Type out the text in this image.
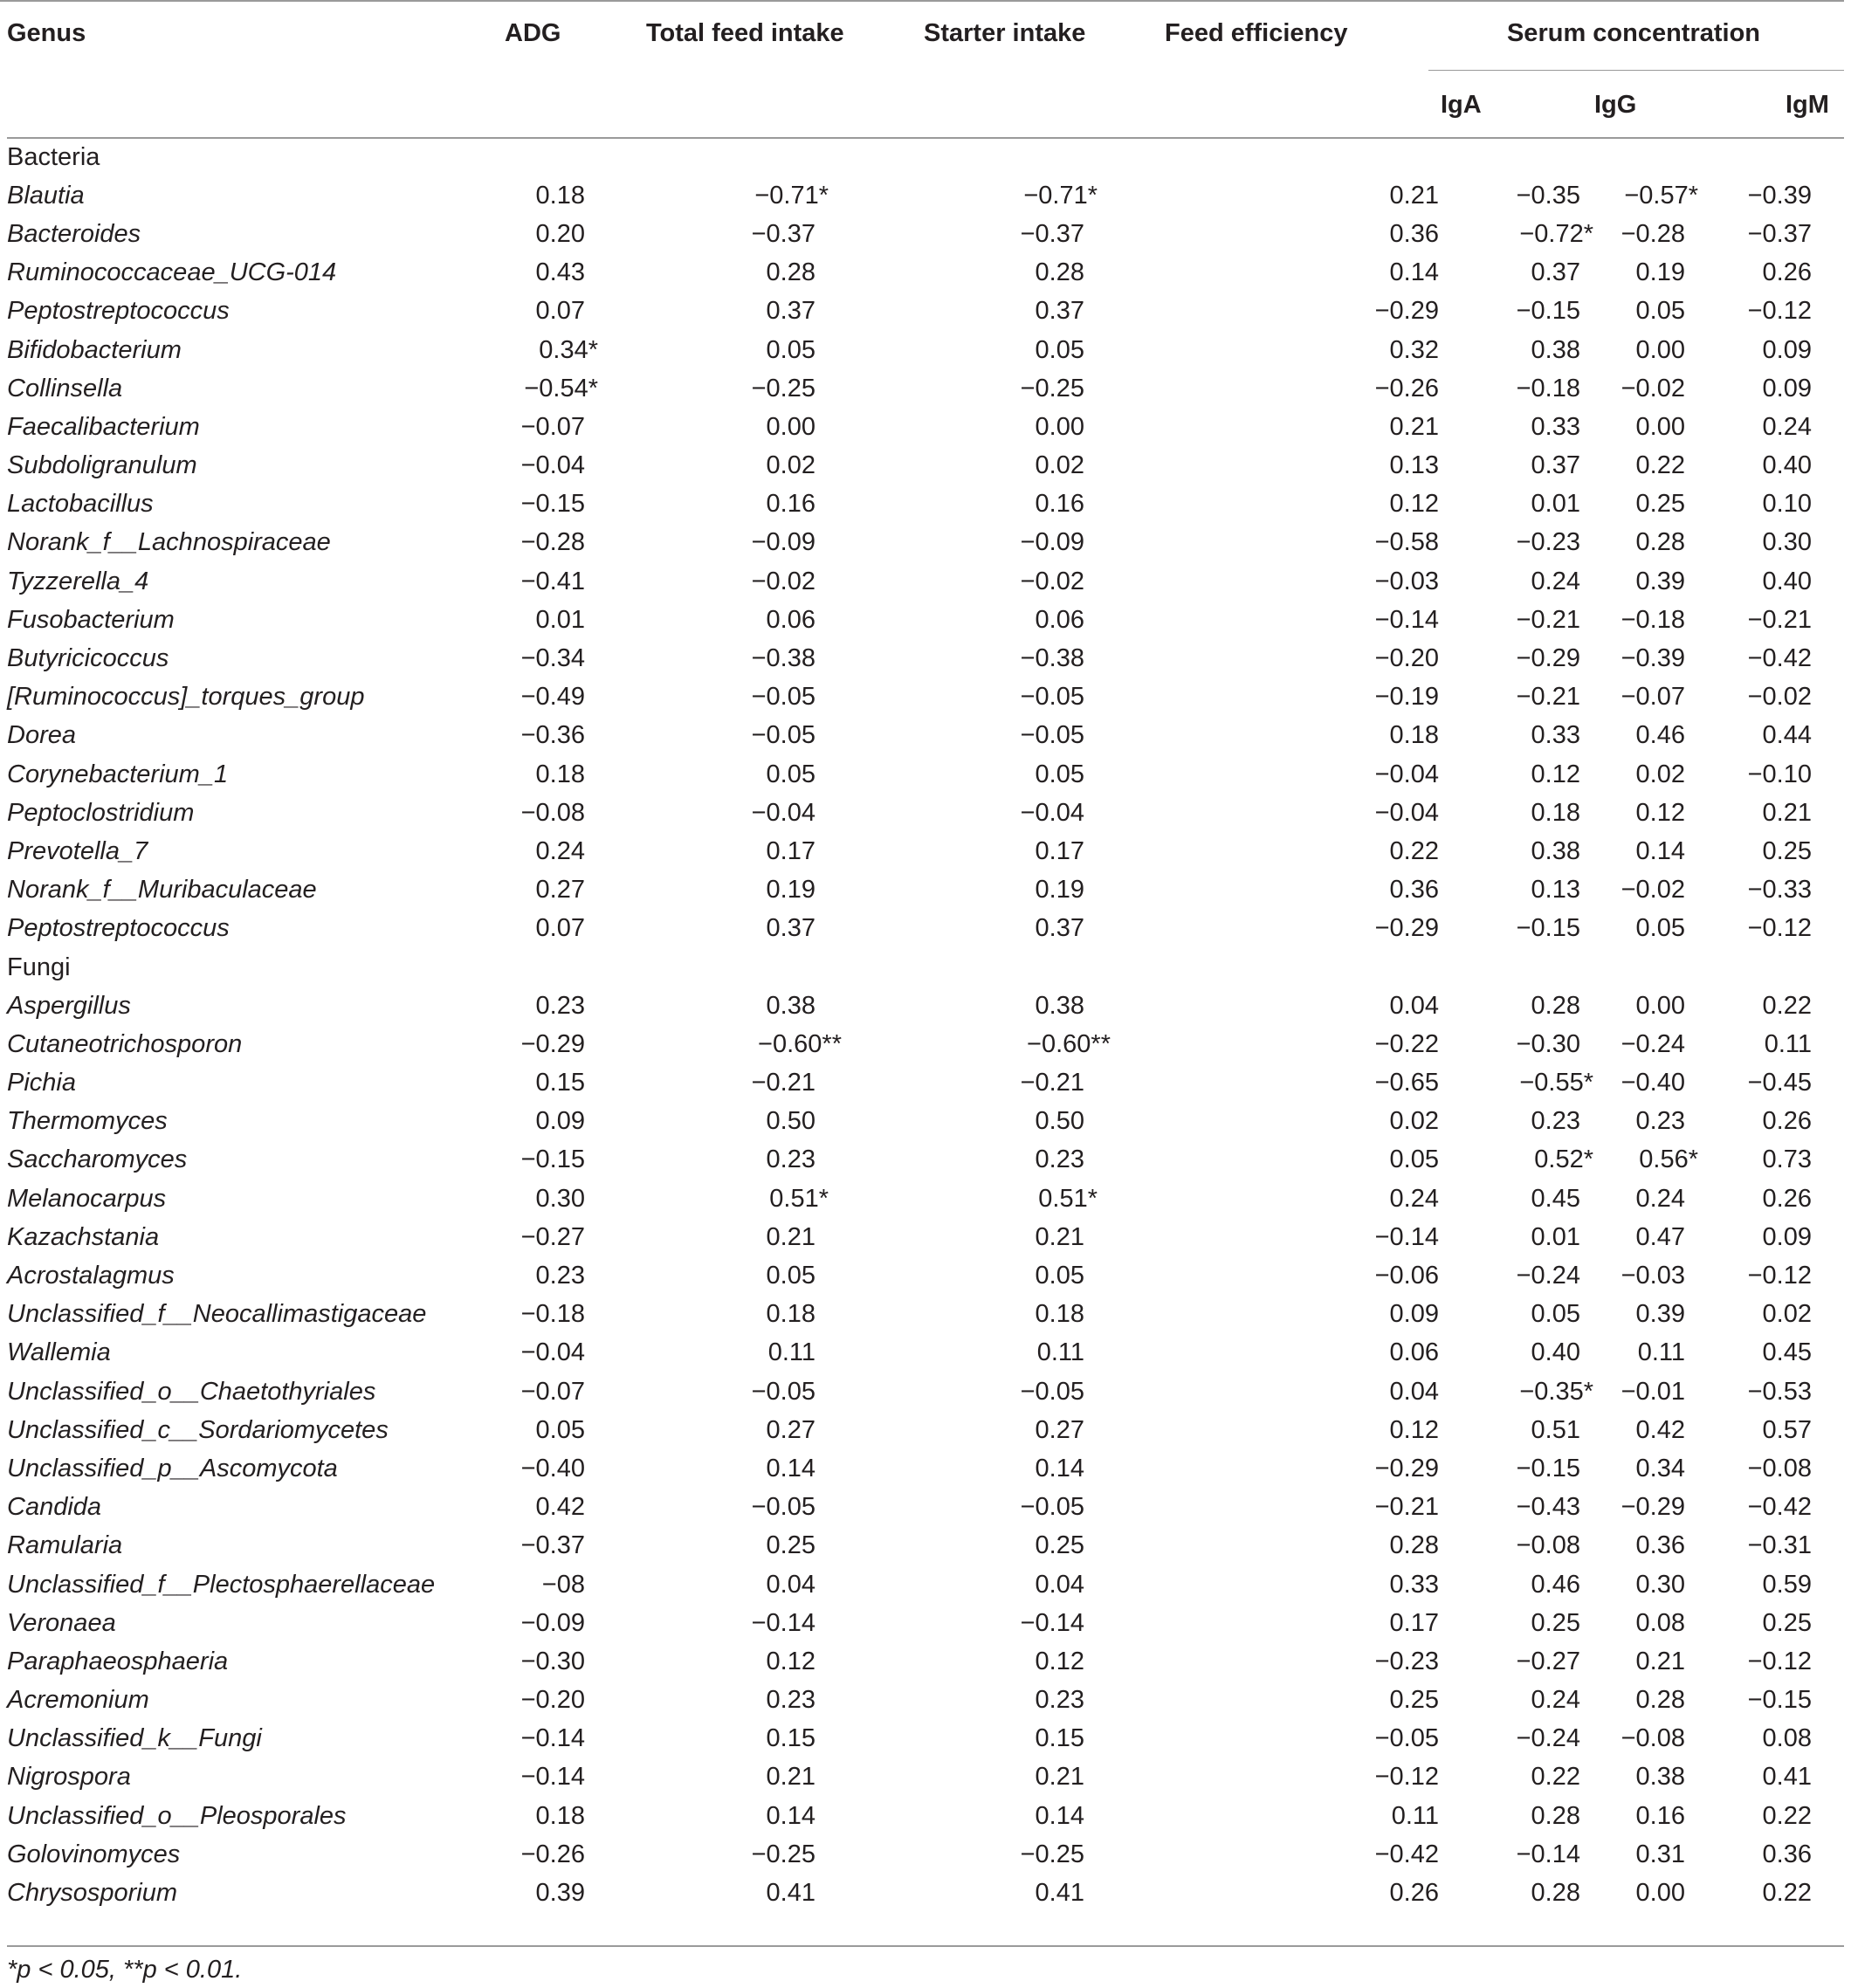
Genus	ADG	Total feed intake	Starter intake	Feed efficiency	Serum concentration		
					IgA	IgG	IgM
Bacteria							
Blautia	0.18	−0.71*	−0.71*	0.21	−0.35	−0.57*	−0.39
Bacteroides	0.20	−0.37	−0.37	0.36	−0.72*	−0.28	−0.37
Ruminococcaceae_UCG-014	0.43	0.28	0.28	0.14	0.37	0.19	0.26
Peptostreptococcus	0.07	0.37	0.37	−0.29	−0.15	0.05	−0.12
Bifidobacterium	0.34*	0.05	0.05	0.32	0.38	0.00	0.09
Collinsella	−0.54*	−0.25	−0.25	−0.26	−0.18	−0.02	0.09
Faecalibacterium	−0.07	0.00	0.00	0.21	0.33	0.00	0.24
Subdoligranulum	−0.04	0.02	0.02	0.13	0.37	0.22	0.40
Lactobacillus	−0.15	0.16	0.16	0.12	0.01	0.25	0.10
Norank_f__Lachnospiraceae	−0.28	−0.09	−0.09	−0.58	−0.23	0.28	0.30
Tyzzerella_4	−0.41	−0.02	−0.02	−0.03	0.24	0.39	0.40
Fusobacterium	0.01	0.06	0.06	−0.14	−0.21	−0.18	−0.21
Butyricicoccus	−0.34	−0.38	−0.38	−0.20	−0.29	−0.39	−0.42
[Ruminococcus]_torques_group	−0.49	−0.05	−0.05	−0.19	−0.21	−0.07	−0.02
Dorea	−0.36	−0.05	−0.05	0.18	0.33	0.46	0.44
Corynebacterium_1	0.18	0.05	0.05	−0.04	0.12	0.02	−0.10
Peptoclostridium	−0.08	−0.04	−0.04	−0.04	0.18	0.12	0.21
Prevotella_7	0.24	0.17	0.17	0.22	0.38	0.14	0.25
Norank_f__Muribaculaceae	0.27	0.19	0.19	0.36	0.13	−0.02	−0.33
Peptostreptococcus	0.07	0.37	0.37	−0.29	−0.15	0.05	−0.12
Fungi							
Aspergillus	0.23	0.38	0.38	0.04	0.28	0.00	0.22
Cutaneotrichosporon	−0.29	−0.60**	−0.60**	−0.22	−0.30	−0.24	0.11
Pichia	0.15	−0.21	−0.21	−0.65	−0.55*	−0.40	−0.45
Thermomyces	0.09	0.50	0.50	0.02	0.23	0.23	0.26
Saccharomyces	−0.15	0.23	0.23	0.05	0.52*	0.56*	0.73
Melanocarpus	0.30	0.51*	0.51*	0.24	0.45	0.24	0.26
Kazachstania	−0.27	0.21	0.21	−0.14	0.01	0.47	0.09
Acrostalagmus	0.23	0.05	0.05	−0.06	−0.24	−0.03	−0.12
Unclassified_f__Neocallimastigaceae	−0.18	0.18	0.18	0.09	0.05	0.39	0.02
Wallemia	−0.04	0.11	0.11	0.06	0.40	0.11	0.45
Unclassified_o__Chaetothyriales	−0.07	−0.05	−0.05	0.04	−0.35*	−0.01	−0.53
Unclassified_c__Sordariomycetes	0.05	0.27	0.27	0.12	0.51	0.42	0.57
Unclassified_p__Ascomycota	−0.40	0.14	0.14	−0.29	−0.15	0.34	−0.08
Candida	0.42	−0.05	−0.05	−0.21	−0.43	−0.29	−0.42
Ramularia	−0.37	0.25	0.25	0.28	−0.08	0.36	−0.31
Unclassified_f__Plectosphaerellaceae	−08	0.04	0.04	0.33	0.46	0.30	0.59
Veronaea	−0.09	−0.14	−0.14	0.17	0.25	0.08	0.25
Paraphaeosphaeria	−0.30	0.12	0.12	−0.23	−0.27	0.21	−0.12
Acremonium	−0.20	0.23	0.23	0.25	0.24	0.28	−0.15
Unclassified_k__Fungi	−0.14	0.15	0.15	−0.05	−0.24	−0.08	0.08
Nigrospora	−0.14	0.21	0.21	−0.12	0.22	0.38	0.41
Unclassified_o__Pleosporales	0.18	0.14	0.14	0.11	0.28	0.16	0.22
Golovinomyces	−0.26	−0.25	−0.25	−0.42	−0.14	0.31	0.36
Chrysosporium	0.39	0.41	0.41	0.26	0.28	0.00	0.22
*p < 0.05, **p < 0.01.
